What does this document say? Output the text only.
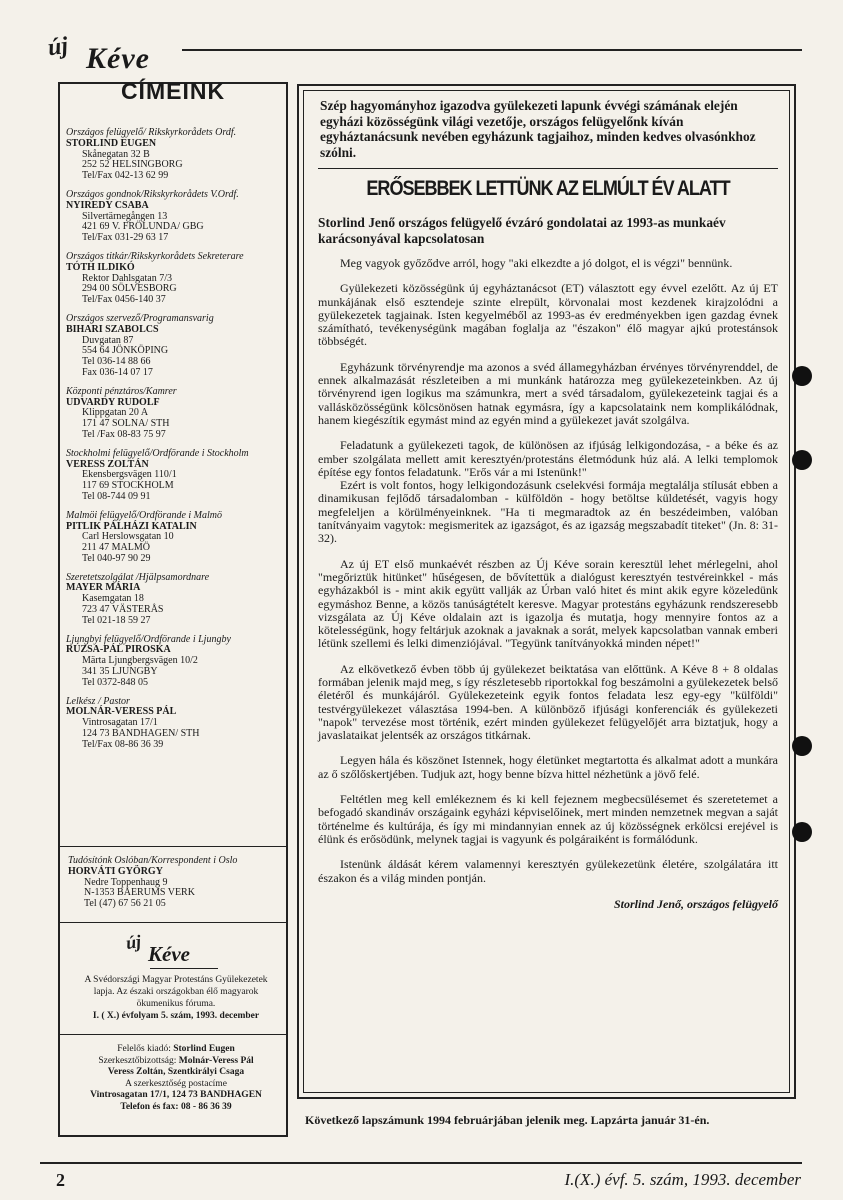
új Kéve
CÍMEINK
Országos felügyelő/ Rikskyrkorådets Ordf.
STORLIND EUGEN
Skånegatan 32 B
252 52 HELSINGBORG
Tel/Fax 042-13 62 99
Országos gondnok/Rikskyrkorådets V.Ordf.
NYIREDY CSABA
Silvertärnegången 13
421 69 V. FRÖLUNDA/ GBG
Tel/Fax 031-29 63 17
Országos titkár/Rikskyrkorådets Sekreterare
TÓTH ILDIKÓ
Rektor Dahlsgatan 7/3
294 00 SÖLVESBORG
Tel/Fax 0456-140 37
Országos szervező/Programansvarig
BIHARI SZABOLCS
Duvgatan 87
554 64 JÖNKÖPING
Tel 036-14 88 66
Fax 036-14 07 17
Központi pénztáros/Kamrer
UDVARDY RUDOLF
Klippgatan 20 A
171 47 SOLNA/ STH
Tel /Fax 08-83 75 97
Stockholmi felügyelő/Ordförande i Stockholm
VERESS ZOLTÁN
Ekensbergsvägen 110/1
117 69 STOCKHOLM
Tel 08-744 09 91
Malmöi felügyelő/Ordförande i Malmö
PITLIK PÁLHÁZI KATALIN
Carl Herslowsgatan 10
211 47 MALMÖ
Tel 040-97 90 29
Szeretetszolgálat /Hjälpsamordnare
MAYER MÁRIA
Kasemgatan 18
723 47 VÄSTERÅS
Tel 021-18 59 27
Ljungbyi felügyelő/Ordförande i Ljungby
RÚZSA-PÁL PIROSKA
Märta Ljungbergsvägen 10/2
341 35 LJUNGBY
Tel 0372-848 05
Lelkész / Pastor
MOLNÁR-VERESS PÁL
Vintrosagatan 17/1
124 73 BANDHAGEN/ STH
Tel/Fax 08-86 36 39
Tudósítónk Oslóban/Korrespondent i Oslo
HORVÁTI GYÖRGY
Nedre Toppenhaug 9
N-1353 BAERUMS VERK
Tel (47) 67 56 21 05
új Kéve
A Svédországi Magyar Protestáns Gyülekezetek
lapja. Az északi országokban élő magyarok
ökumenikus fóruma.
I. ( X.) évfolyam 5. szám, 1993. december
Felelős kiadó: Storlind Eugen
Szerkesztőbizottság: Molnár-Veress Pál
Veress Zoltán, Szentkirályi Csaga
A szerkesztőség postacíme
Vintrosagatan 17/1, 124 73 BANDHAGEN
Telefon és fax: 08 - 86 36 39

Szép hagyományhoz igazodva gyülekezeti lapunk évvégi számának elején egyházi közösségünk világi vezetője, országos felügyelőnk kíván egyháztanácsunk nevében egyházunk tagjaihoz, minden kedves olvasónkhoz szólni.

ERŐSEBBEK LETTÜNK AZ ELMÚLT ÉV ALATT

Storlind Jenő országos felügyelő évzáró gondolatai az 1993-as munkaév karácsonyával kapcsolatosan

Meg vagyok győződve arról, hogy "aki elkezdte a jó dolgot, el is végzi" bennünk.

Gyülekezeti közösségünk új egyháztanácsot (ET) választott egy évvel ezelőtt. Az új ET munkájának első esztendeje szinte elrepült, körvonalai most kezdenek kirajzolódni a gyülekezetek tagjainak. Isten kegyelméből az 1993-as év eredményekben igen gazdag évnek számítható, tevékenységünk magában foglalja az "északon" élő magyar ajkú protestánsok többségét.

Egyházunk törvényrendje ma azonos a svéd államegyházban érvényes törvényrenddel, de ennek alkalmazását részleteiben a mi munkánk határozza meg gyülekezeteinkben. Az új törvényrend igen logikus ma számunkra, mert a svéd társadalom, gyülekezeteink tagjai és a vallásközösségünk kölcsönösen hatnak egymásra, így a kapcsolataink nem komplikálódnak, hanem kiegészítik egymást mind az egyén mind a gyülekezet javát szolgálva.

Feladatunk a gyülekezeti tagok, de különösen az ifjúság lelkigondozása, - a béke és az ember szolgálata mellett amit keresztyén/protestáns életmódunk húz alá. A lelki templomok építése egy fontos feladatunk. "Erős vár a mi Istenünk!"

Ezért is volt fontos, hogy lelkigondozásunk cselekvési formája megtalálja stílusát ebben a dinamikusan fejlődő társadalomban - külföldön - hogy betöltse küldetését, vagyis hogy megfeleljen a körülményeinknek. "Ha ti megmaradtok az én beszédeimben, valóban tanítványaim vagytok: megismeritek az igazságot, és az igazság megszabadít titeket" (Jn. 8: 31-32).

Az új ET első munkaévét részben az Új Kéve sorain keresztül lehet mérlegelni, ahol "megőriztük hitünket" hűségesen, de bővítettük a dialógust keresztyén testvéreinkkel - más egyházakból is - mint akik együtt vallják az Úrban való hitet és mint akik egyre közeledünk egymáshoz Benne, a közös tanúságtételt keresve. Magyar protestáns egyházunk rendszeresebb vizsgálata az Új Kéve oldalain azt is igazolja és mutatja, hogy mennyire fontos az a kötelességünk, hogy feltárjuk azoknak a javaknak a sorát, melyek kapcsolatban vannak emberi létünk szellemi és lelki dimenziójával. "Tegyünk tanítványokká minden népet!"

Az elkövetkező évben több új gyülekezet beiktatása van előttünk. A Kéve 8 + 8 oldalas formában jelenik majd meg, s így részletesebb riportokkal fog beszámolni a gyülekezetek belső életéről és munkájáról. Gyülekezeteink egyik fontos feladata lesz egy-egy "külföldi" testvérgyülekezet választása 1994-ben. A különböző ifjúsági konferenciák és gyülekezeti "napok" tervezése most történik, ezért minden gyülekezet felügyelőjét arra biztatjuk, hogy a javaslataikat jelentsék az országos titkárnak.

Legyen hála és köszönet Istennek, hogy életünket megtartotta és alkalmat adott a munkára az ő szőlőskertjében. Tudjuk azt, hogy benne bízva hittel nézhetünk a jövő felé.

Feltétlen meg kell emlékeznem és ki kell fejeznem megbecsülésemet és szeretetemet a befogadó skandináv országaink egyházi képviselőinek, mert minden nemzetnek megvan a saját történelme és kultúrája, és így mi mindannyian ennek az új közösségnek erkölcsi erejével is élünk és erősödünk, melynek tagjai is vagyunk és polgáraiként is formálódunk.

Istenünk áldását kérem valamennyi keresztyén gyülekezetünk életére, szolgálatára itt északon és a világ minden pontján.

Storlind Jenő, országos felügyelő
Következő lapszámunk 1994 februárjában jelenik meg. Lapzárta január 31-én.
2	I.(X.) évf. 5. szám, 1993. december
